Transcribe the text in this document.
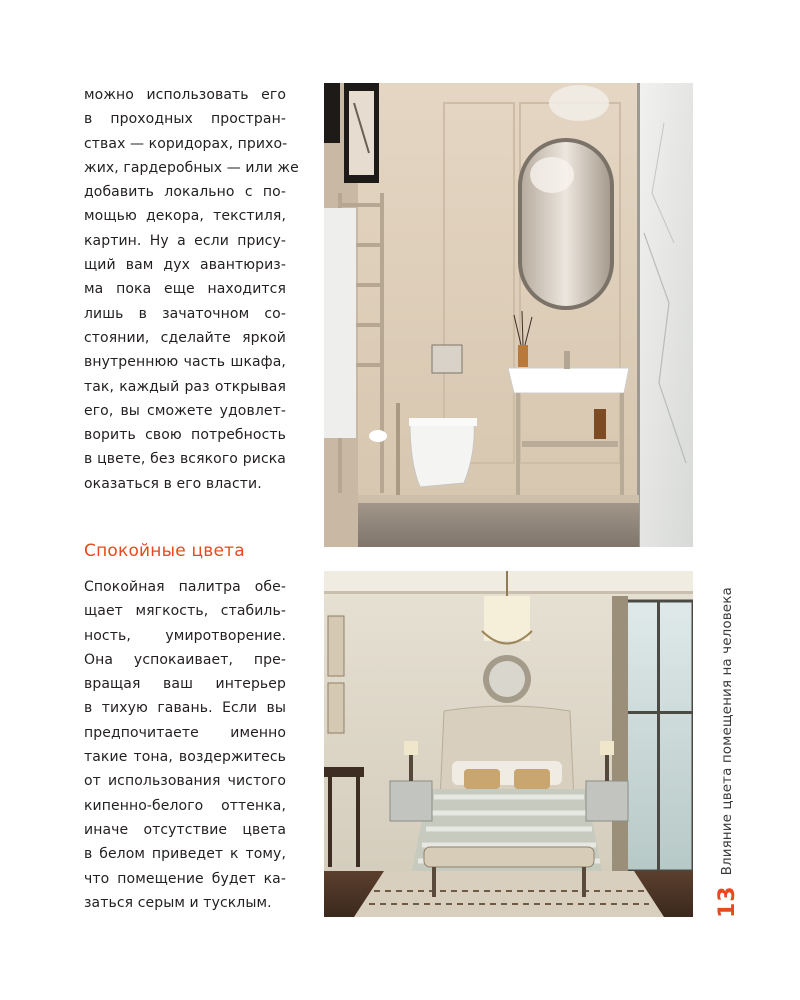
можно использовать его
в проходных простран-
ствах — коридорах, прихо-
жих, гардеробных — или же
добавить локально с по-
мощью декора, текстиля,
картин. Ну а если прису-
щий вам дух авантюриз-
ма пока еще находится
лишь в зачаточном со-
стоянии, сделайте яркой
внутреннюю часть шкафа,
так, каждый раз открывая
его, вы сможете удовлет-
ворить свою потребность
в цвете, без всякого риска
оказаться в его власти.
Спокойные цвета
Спокойная палитра обе-
щает мягкость, стабиль-
ность, умиротворение.
Она успокаивает, пре-
вращая ваш интерьер
в тихую гавань. Если вы
предпочитаете именно
такие тона, воздержитесь
от использования чистого
кипенно-белого оттенка,
иначе отсутствие цвета
в белом приведет к тому,
что помещение будет ка-
заться серым и тусклым.	13
Влияние цвета помещения на человека
